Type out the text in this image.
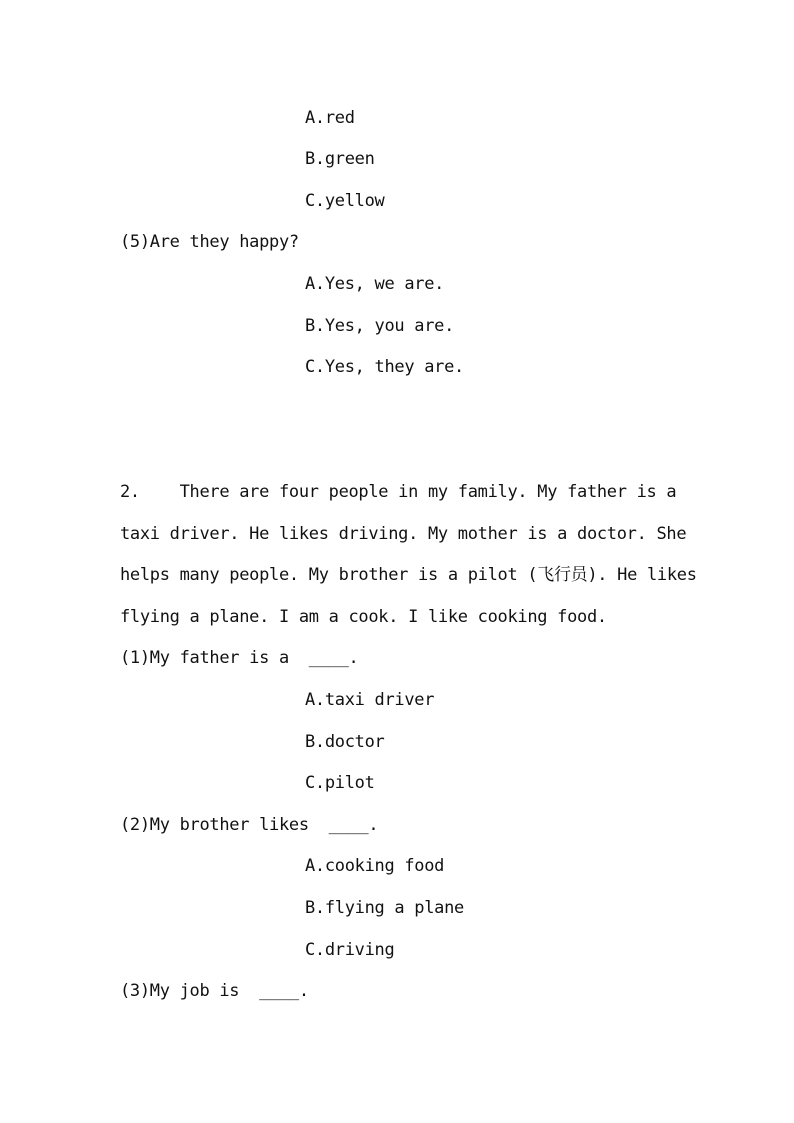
A.red
B.green
C.yellow
(5)Are they happy?
A.Yes, we are.
B.Yes, you are.
C.Yes, they are.
2.    There are four people in my family. My father is a
taxi driver. He likes driving. My mother is a doctor. She
helps many people. My brother is a pilot (飞行员). He likes
flying a plane. I am a cook. I like cooking food.
(1)My father is a  ____.
A.taxi driver
B.doctor
C.pilot
(2)My brother likes  ____.
A.cooking food
B.flying a plane
C.driving
(3)My job is  ____.
